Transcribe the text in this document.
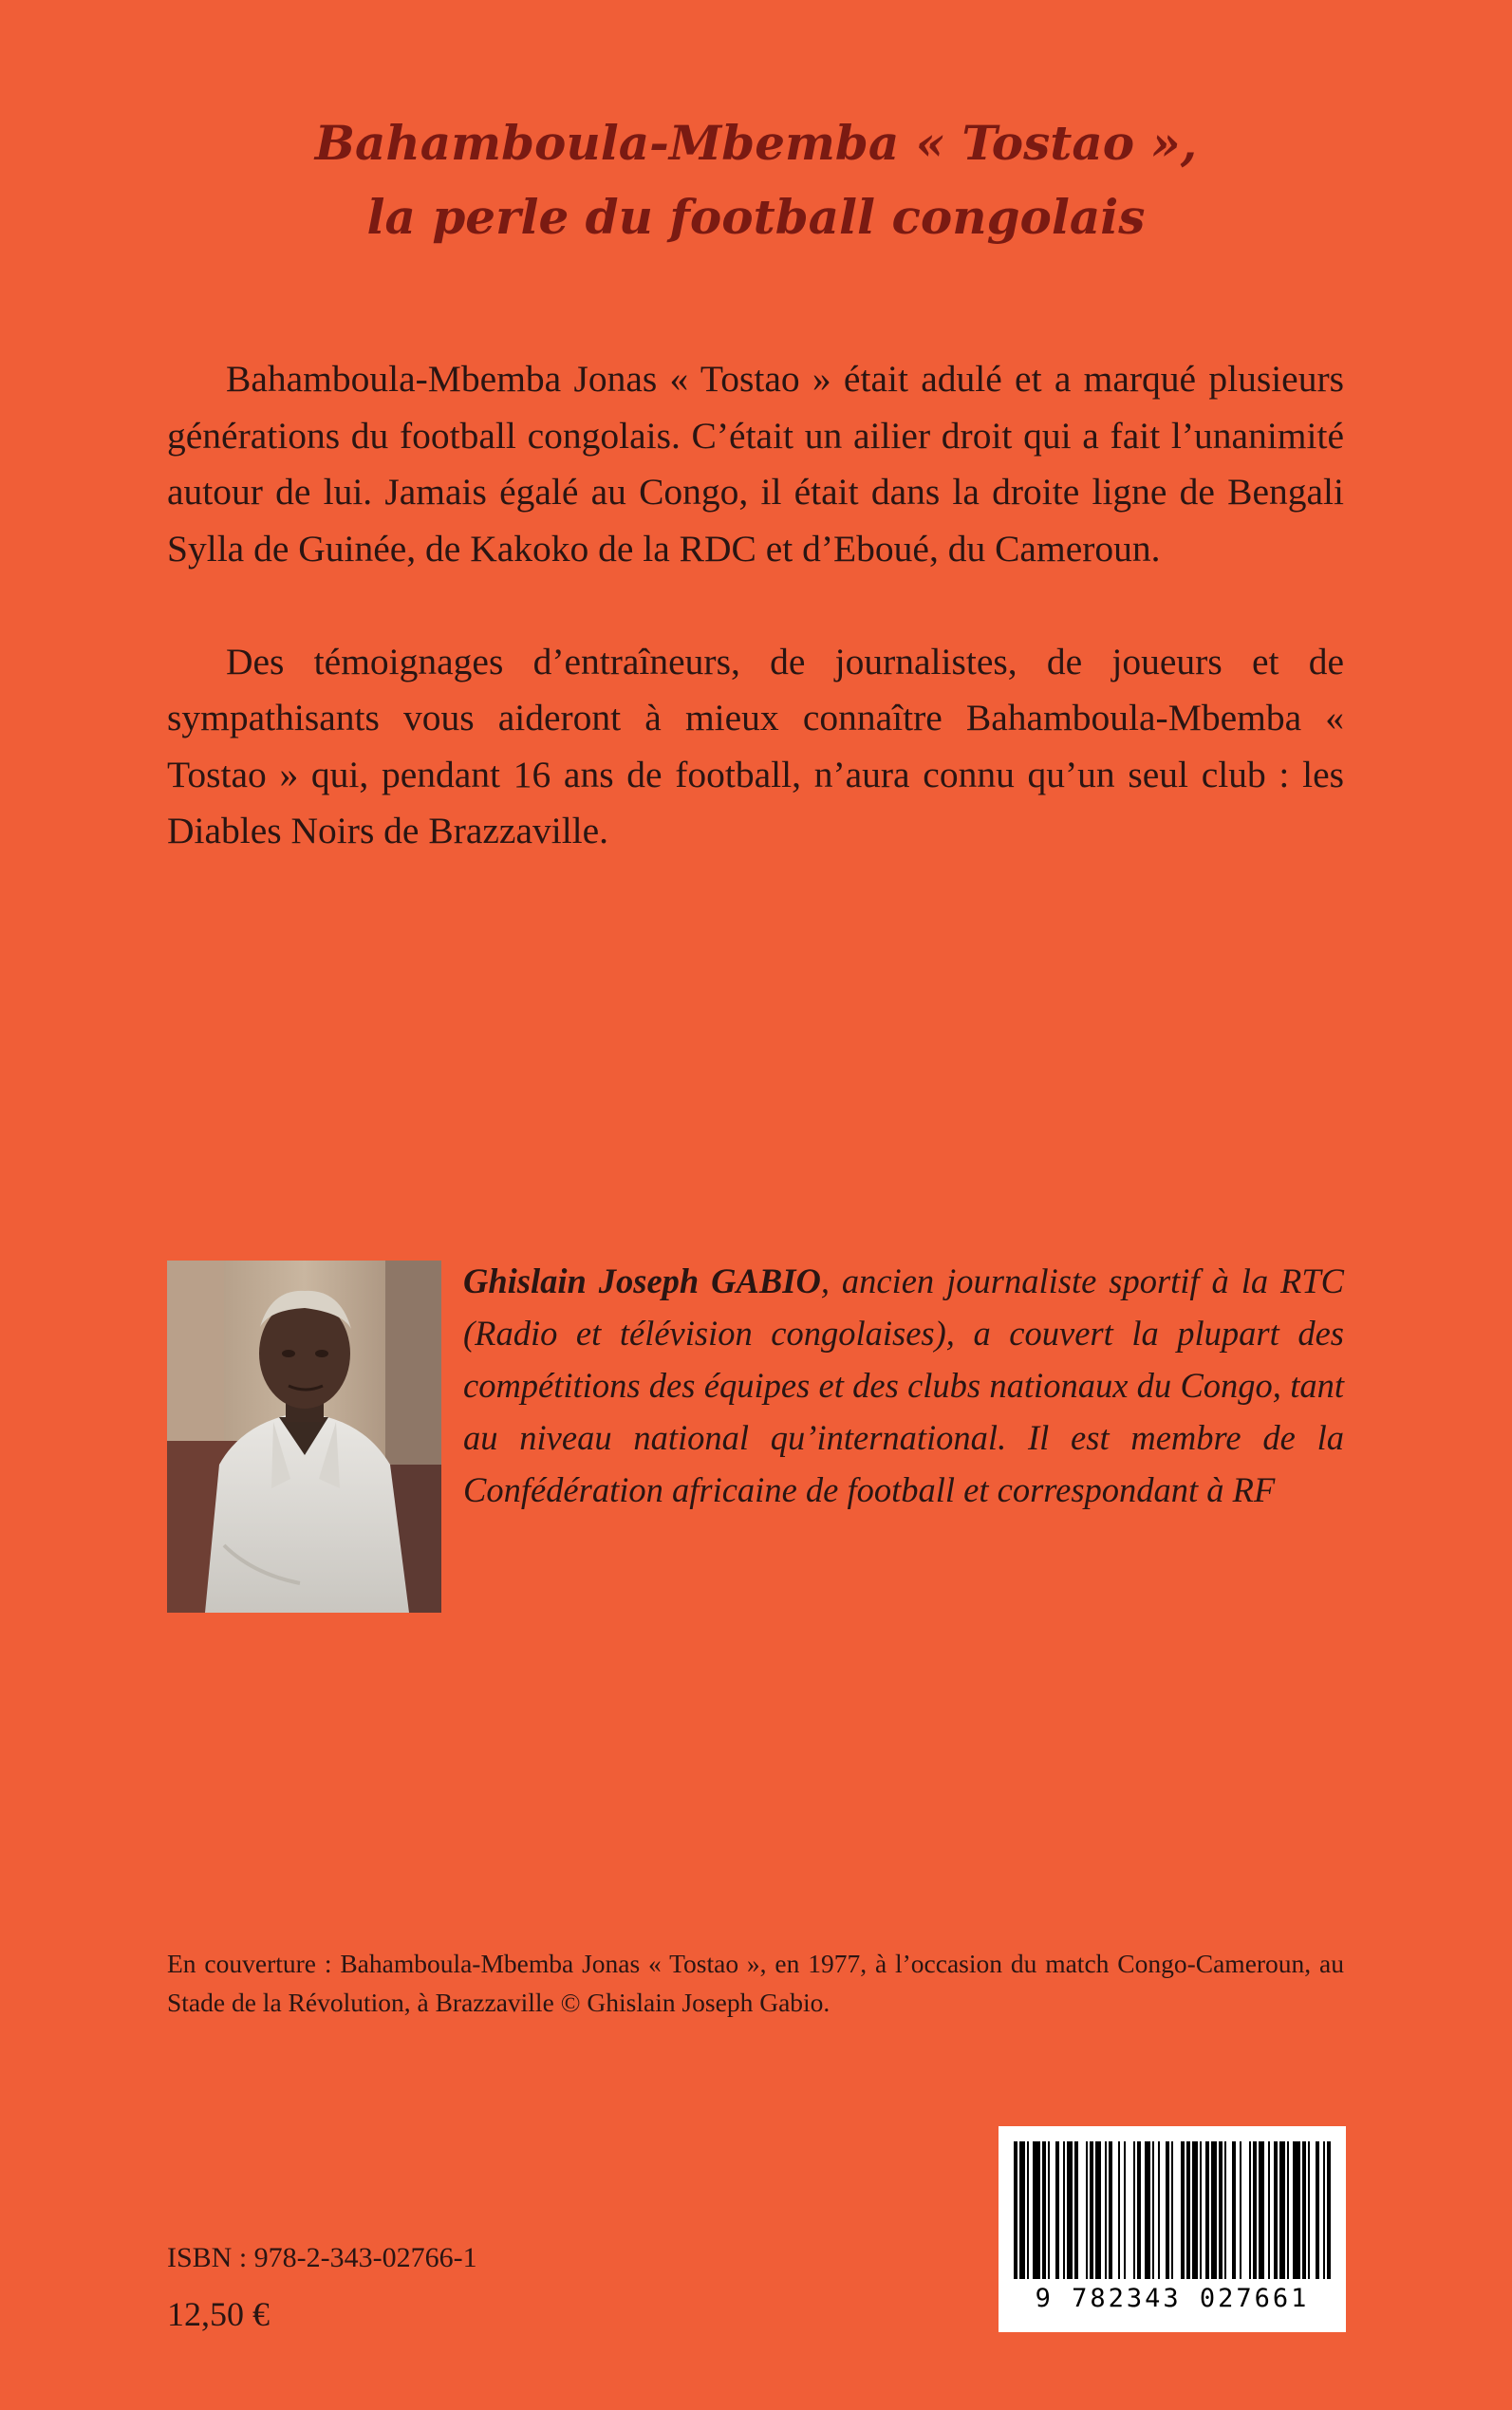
Bahamboula-Mbemba « Tostao »,
la perle du football congolais

Bahamboula-Mbemba Jonas « Tostao » était adulé et a marqué plusieurs générations du football congolais. C’était un ailier droit qui a fait l’unanimité autour de lui. Jamais égalé au Congo, il était dans la droite ligne de Bengali Sylla de Guinée, de Kakoko de la RDC et d’Eboué, du Cameroun.

Des témoignages d’entraîneurs, de journalistes, de joueurs et de sympathisants vous aideront à mieux connaître Bahamboula-Mbemba « Tostao » qui, pendant 16 ans de football, n’aura connu qu’un seul club : les Diables Noirs de Brazzaville.

Ghislain Joseph GABIO, ancien journaliste sportif à la RTC (Radio et télévision congolaises), a couvert la plupart des compétitions des équipes et des clubs nationaux du Congo, tant au niveau national qu’international. Il est membre de la Confédération africaine de football et correspondant à RF
En couverture : Bahamboula-Mbemba Jonas « Tostao », en 1977, à l’occasion du match Congo-Cameroun, au Stade de la Révolution, à Brazzaville © Ghislain Joseph Gabio.
ISBN : 978-2-343-02766-1
12,50 €	9 782343 027661
